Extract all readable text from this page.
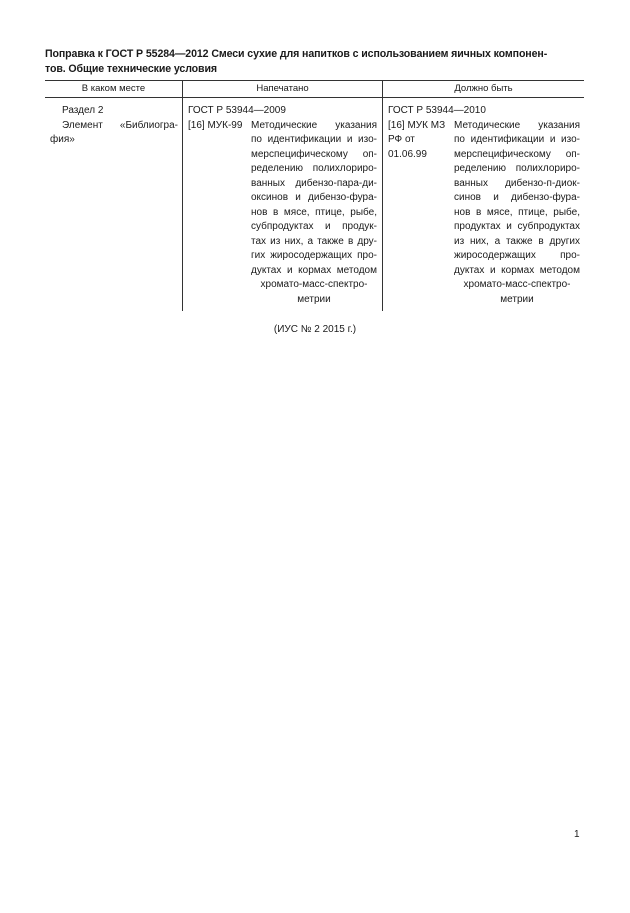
Поправка к ГОСТ Р 55284—2012 Смеси сухие для напитков с использованием яичных компонен-
тов. Общие технические условия
В каком месте	Напечатано	Должно быть
Раздел 2
Элемент «Библиогра-
фия»
ГОСТ Р 53944—2009
[16] МУК-99 Методические указания
по идентификации и изо-
мерспецифическому оп-
ределению полихлориро-
ванных дибензо-пара-ди-
оксинов и дибензо-фура-
нов в мясе, птице, рыбе,
субпродуктах и продук-
тах из них, а также в дру-
гих жиросодержащих про-
дуктах и кормах методом
хромато-масс-спектро-
метрии
ГОСТ Р 53944—2010
[16] МУК МЗ
РФ от
01.06.99
Методические указания
по идентификации и изо-
мерспецифическому оп-
ределению полихлориро-
ванных дибензо-п-диок-
синов и дибензо-фура-
нов в мясе, птице, рыбе,
продуктах и субпродуктах
из них, а также в других
жиросодержащих про-
дуктах и кормах методом
хромато-масс-спектро-
метрии
(ИУС № 2 2015 г.)
1
